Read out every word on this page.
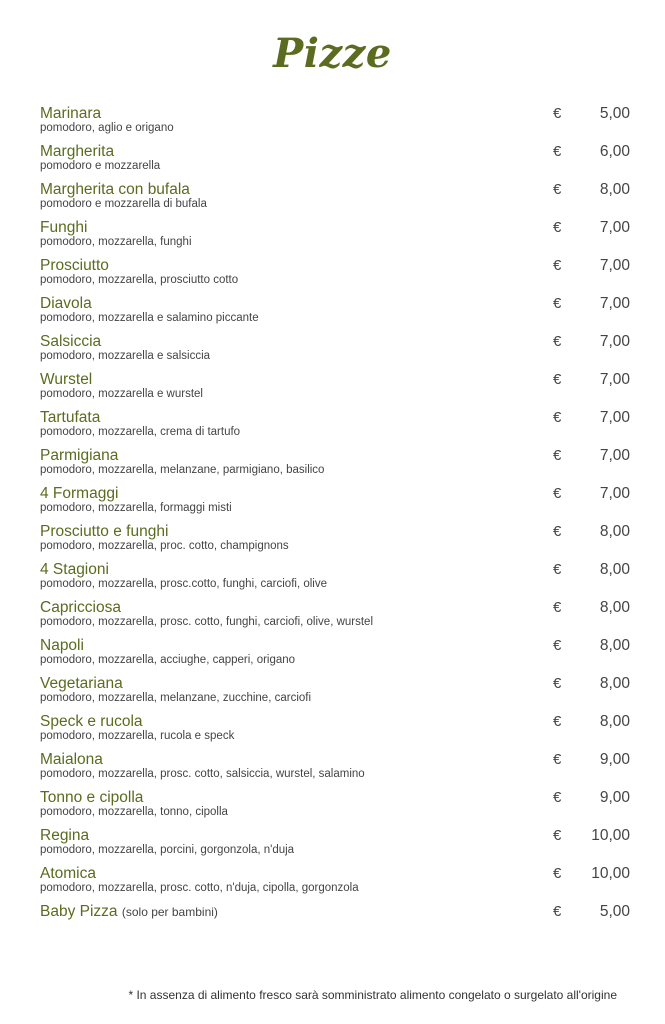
Pizze
Marinara
pomodoro, aglio e origano
€ 5,00
Margherita
pomodoro e mozzarella
€ 6,00
Margherita con bufala
pomodoro e mozzarella di bufala
€ 8,00
Funghi
pomodoro, mozzarella, funghi
€ 7,00
Prosciutto
pomodoro, mozzarella, prosciutto cotto
€ 7,00
Diavola
pomodoro, mozzarella e salamino piccante
€ 7,00
Salsiccia
pomodoro, mozzarella e salsiccia
€ 7,00
Wurstel
pomodoro, mozzarella e wurstel
€ 7,00
Tartufata
pomodoro, mozzarella, crema di tartufo
€ 7,00
Parmigiana
pomodoro, mozzarella, melanzane, parmigiano, basilico
€ 7,00
4 Formaggi
pomodoro, mozzarella, formaggi misti
€ 7,00
Prosciutto e funghi
pomodoro, mozzarella, proc. cotto, champignons
€ 8,00
4 Stagioni
pomodoro, mozzarella, prosc.cotto, funghi, carciofi, olive
€ 8,00
Capricciosa
pomodoro, mozzarella, prosc. cotto, funghi, carciofi, olive, wurstel
€ 8,00
Napoli
pomodoro, mozzarella, acciughe, capperi, origano
€ 8,00
Vegetariana
pomodoro, mozzarella, melanzane, zucchine, carciofi
€ 8,00
Speck e rucola
pomodoro, mozzarella, rucola e speck
€ 8,00
Maialona
pomodoro, mozzarella, prosc. cotto, salsiccia, wurstel, salamino
€ 9,00
Tonno e cipolla
pomodoro, mozzarella, tonno, cipolla
€ 9,00
Regina
pomodoro, mozzarella, porcini, gorgonzola, n'duja
€ 10,00
Atomica
pomodoro, mozzarella, prosc. cotto, n'duja, cipolla, gorgonzola
€ 10,00
Baby Pizza (solo per bambini)	€ 5,00
* In assenza di alimento fresco sarà somministrato alimento congelato o surgelato all'origine
